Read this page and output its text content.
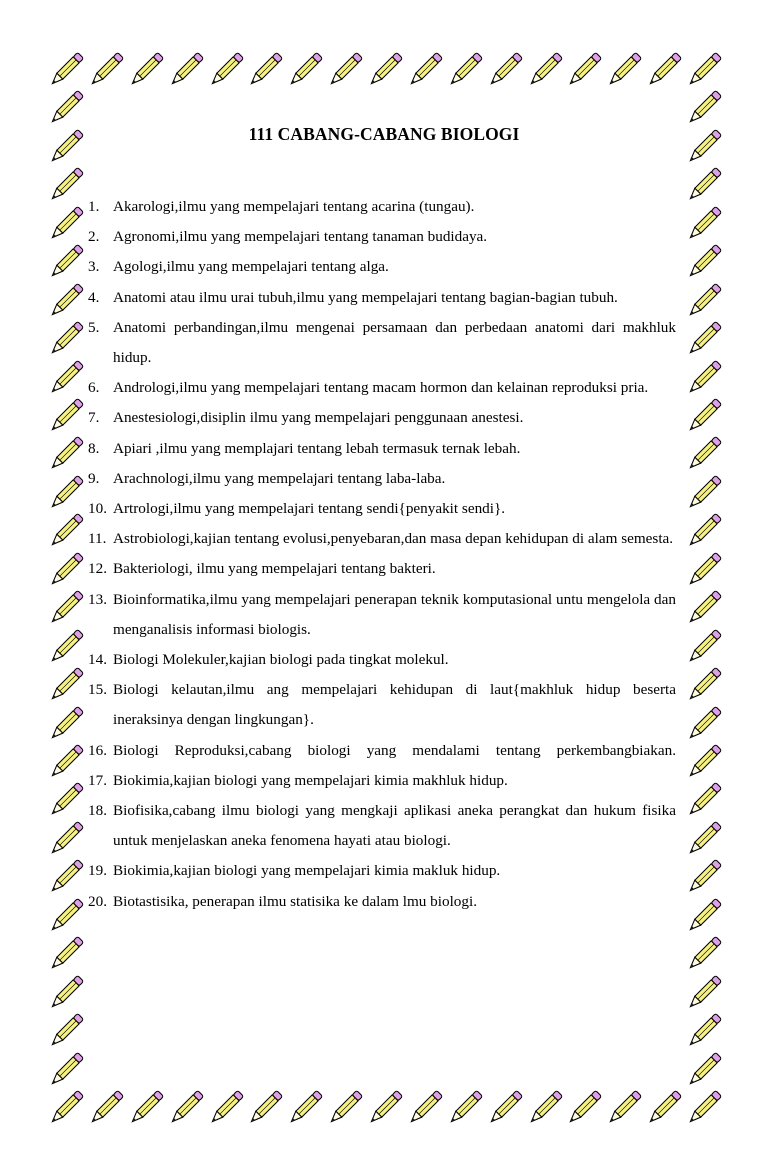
111 CABANG-CABANG BIOLOGI
1. Akarologi,ilmu yang mempelajari tentang acarina (tungau).
2. Agronomi,ilmu yang mempelajari tentang tanaman budidaya.
3. Agologi,ilmu yang mempelajari tentang alga.
4. Anatomi atau ilmu urai tubuh,ilmu yang mempelajari tentang bagian-bagian tubuh.
5. Anatomi perbandingan,ilmu mengenai persamaan dan perbedaan anatomi dari makhluk hidup.
6. Andrologi,ilmu yang mempelajari tentang macam hormon dan kelainan reproduksi pria.
7. Anestesiologi,disiplin ilmu yang mempelajari penggunaan anestesi.
8. Apiari ,ilmu yang memplajari tentang lebah termasuk ternak lebah.
9. Arachnologi,ilmu yang mempelajari tentang laba-laba.
10. Artrologi,ilmu yang mempelajari tentang sendi{penyakit sendi}.
11. Astrobiologi,kajian tentang evolusi,penyebaran,dan masa depan kehidupan di alam semesta.
12. Bakteriologi, ilmu yang mempelajari tentang bakteri.
13. Bioinformatika,ilmu yang mempelajari penerapan teknik komputasional untu mengelola dan menganalisis informasi biologis.
14. Biologi Molekuler,kajian biologi pada tingkat molekul.
15. Biologi kelautan,ilmu ang mempelajari kehidupan di laut{makhluk hidup beserta ineraksinya dengan lingkungan}.
16. Biologi Reproduksi,cabang biologi yang mendalami tentang perkembangbiakan.
17. Biokimia,kajian biologi yang mempelajari kimia makhluk hidup.
18. Biofisika,cabang ilmu biologi yang mengkaji aplikasi aneka perangkat dan hukum fisika untuk menjelaskan aneka fenomena hayati atau biologi.
19. Biokimia,kajian biologi yang mempelajari kimia makluk hidup.
20. Biotastisika, penerapan ilmu statisika ke dalam lmu biologi.
